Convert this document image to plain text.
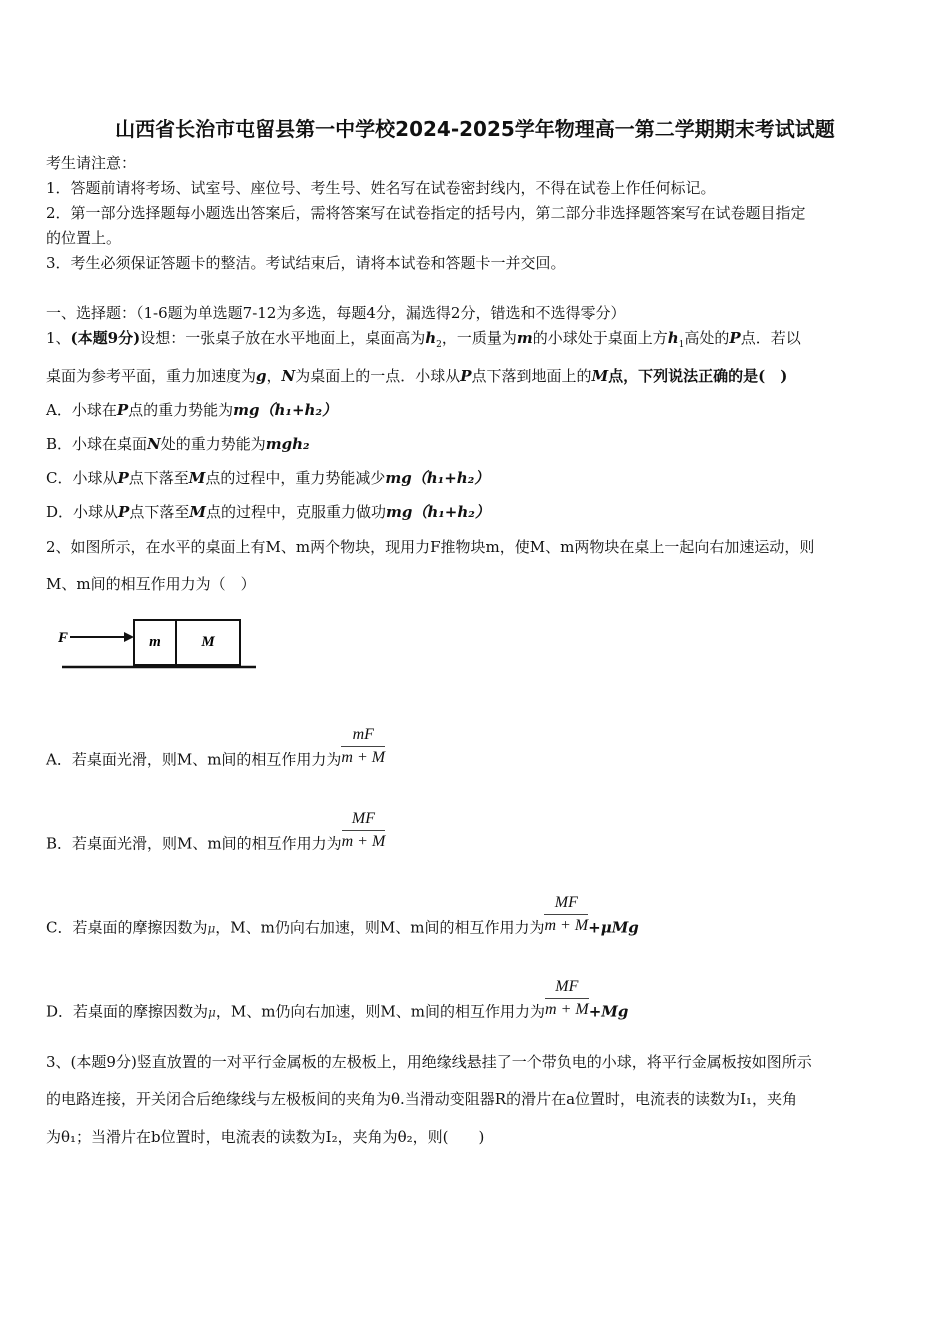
山西省长治市屯留县第一中学校2024-2025学年物理高一第二学期期末考试试题
考生请注意：
1．答题前请将考场、试室号、座位号、考生号、姓名写在试卷密封线内，不得在试卷上作任何标记。
2．第一部分选择题每小题选出答案后，需将答案写在试卷指定的括号内，第二部分非选择题答案写在试卷题目指定
的位置上。
3．考生必须保证答题卡的整洁。考试结束后，请将本试卷和答题卡一并交回。
一、选择题：（1-6题为单选题7-12为多选，每题4分，漏选得2分，错选和不选得零分）
1、(本题9分)设想：一张桌子放在水平地面上，桌面高为$h_2$，一质量为m的小球处于桌面上方$h_1$高处的P点．若以
桌面为参考平面，重力加速度为g，N为桌面上的一点．小球从P点下落到地面上的M点，下列说法正确的是(　)
A．小球在P点的重力势能为mg（h₁+h₂）
B．小球在桌面N处的重力势能为mgh₂
C．小球从P点下落至M点的过程中，重力势能减少mg（h₁+h₂）
D．小球从P点下落至M点的过程中，克服重力做功mg（h₁+h₂）
2、如图所示，在水平的桌面上有M、m两个物块，现用力F推物块m，使M、m两物块在桌上一起向右加速运动，则
M、m间的相互作用力为（　）
F	m	M
A．若桌面光滑，则M、m间的相互作用力为 $\frac{mF}{m + M}$
B．若桌面光滑，则M、m间的相互作用力为 $\frac{MF}{m + M}$
C．若桌面的摩擦因数为μ，M、m仍向右加速，则M、m间的相互作用力为 $\frac{MF}{m + M} +\mu Mg$
D．若桌面的摩擦因数为μ，M、m仍向右加速，则M、m间的相互作用力为 $\frac{MF}{m + M} +Mg$
3、(本题9分)竖直放置的一对平行金属板的左极板上，用绝缘线悬挂了一个带负电的小球，将平行金属板按如图所示
的电路连接，开关闭合后绝缘线与左极板间的夹角为θ.当滑动变阻器R的滑片在a位置时，电流表的读数为I₁，夹角
为θ₁；当滑片在b位置时，电流表的读数为I₂，夹角为θ₂，则(　　)
